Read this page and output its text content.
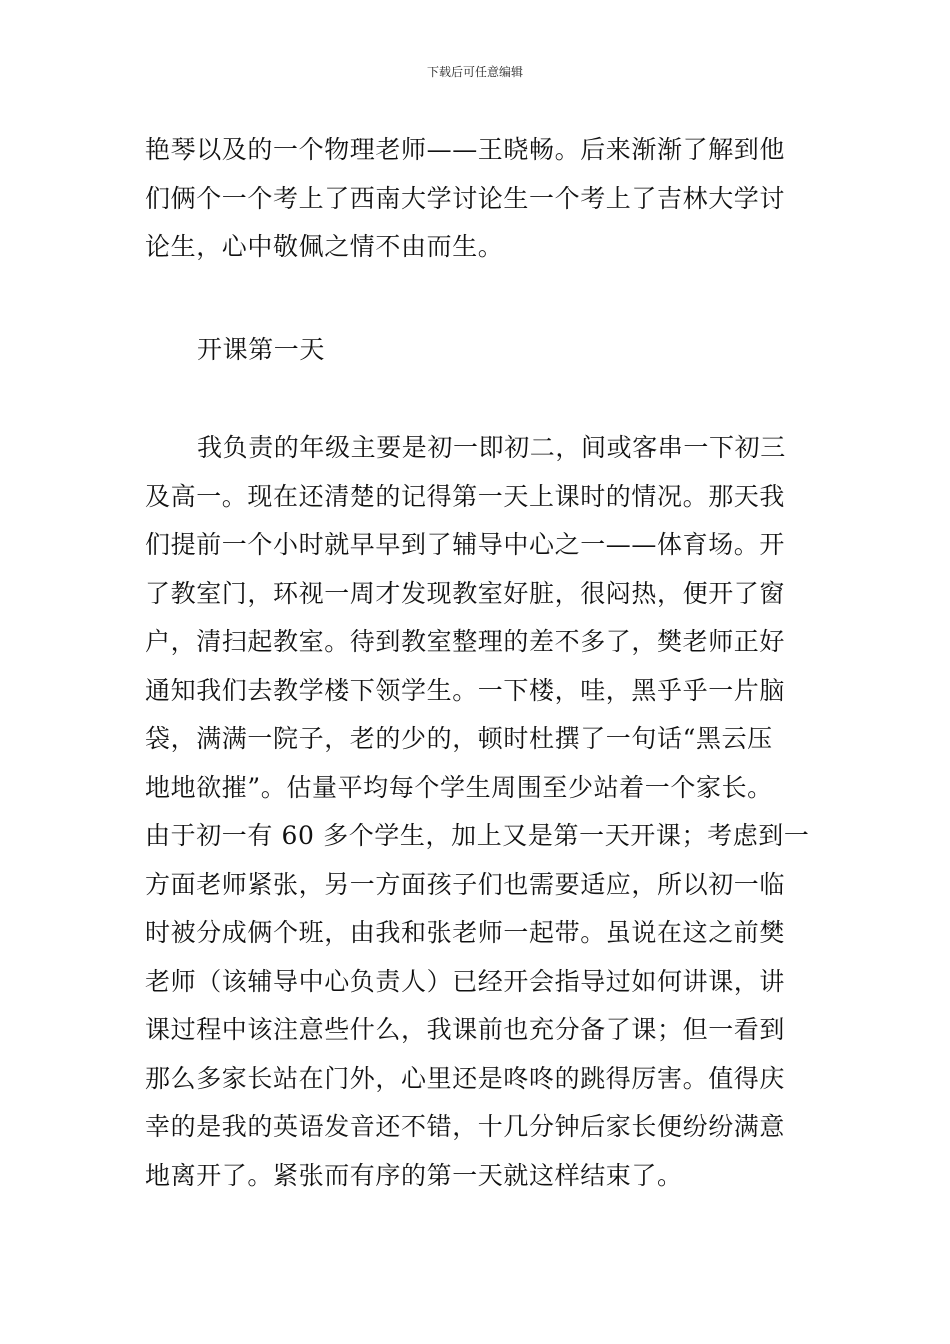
下载后可任意编辑

艳琴以及的一个物理老师——王晓畅。后来渐渐了解到他
们俩个一个考上了西南大学讨论生一个考上了吉林大学讨
论生，心中敬佩之情不由而生。

开课第一天

我负责的年级主要是初一即初二，间或客串一下初三
及高一。现在还清楚的记得第一天上课时的情况。那天我
们提前一个小时就早早到了辅导中心之一——体育场。开
了教室门，环视一周才发现教室好脏，很闷热，便开了窗
户，清扫起教室。待到教室整理的差不多了，樊老师正好
通知我们去教学楼下领学生。一下楼，哇，黑乎乎一片脑
袋，满满一院子，老的少的，顿时杜撰了一句话“黑云压
地地欲摧”。估量平均每个学生周围至少站着一个家长。
由于初一有 60 多个学生，加上又是第一天开课；考虑到一
方面老师紧张，另一方面孩子们也需要适应，所以初一临
时被分成俩个班，由我和张老师一起带。虽说在这之前樊
老师（该辅导中心负责人）已经开会指导过如何讲课，讲
课过程中该注意些什么，我课前也充分备了课；但一看到
那么多家长站在门外，心里还是咚咚的跳得厉害。值得庆
幸的是我的英语发音还不错，十几分钟后家长便纷纷满意
地离开了。紧张而有序的第一天就这样结束了。
